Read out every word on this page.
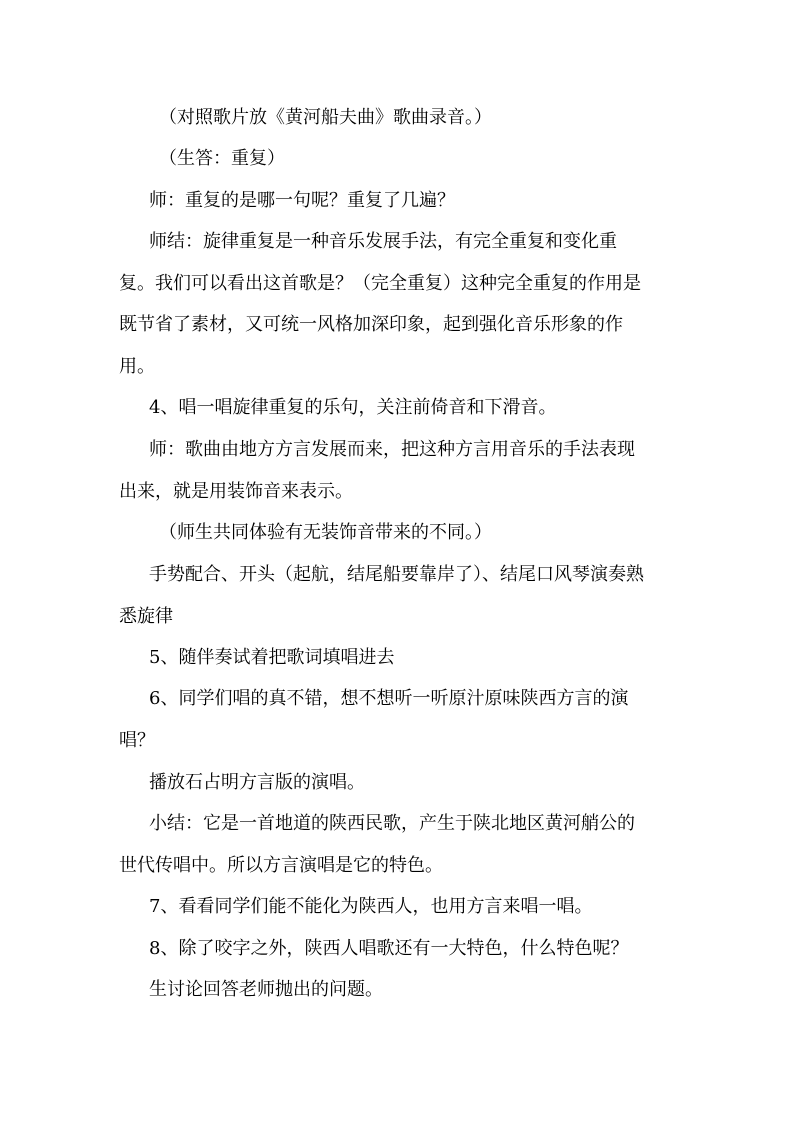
（对照歌片放《黄河船夫曲》歌曲录音。）

（生答：重复）

师：重复的是哪一句呢？重复了几遍？

师结：旋律重复是一种音乐发展手法，有完全重复和变化重
复。我们可以看出这首歌是？（完全重复）这种完全重复的作用是
既节省了素材，又可统一风格加深印象，起到强化音乐形象的作
用。

4、唱一唱旋律重复的乐句，关注前倚音和下滑音。

师：歌曲由地方方言发展而来，把这种方言用音乐的手法表现
出来，就是用装饰音来表示。

（师生共同体验有无装饰音带来的不同。）

手势配合、开头（起航，结尾船要靠岸了）、结尾口风琴演奏熟
悉旋律

5、随伴奏试着把歌词填唱进去

6、同学们唱的真不错，想不想听一听原汁原味陕西方言的演
唱？

播放石占明方言版的演唱。

小结：它是一首地道的陕西民歌，产生于陕北地区黄河艄公的
世代传唱中。所以方言演唱是它的特色。

7、看看同学们能不能化为陕西人，也用方言来唱一唱。

8、除了咬字之外，陕西人唱歌还有一大特色，什么特色呢？

生讨论回答老师抛出的问题。
